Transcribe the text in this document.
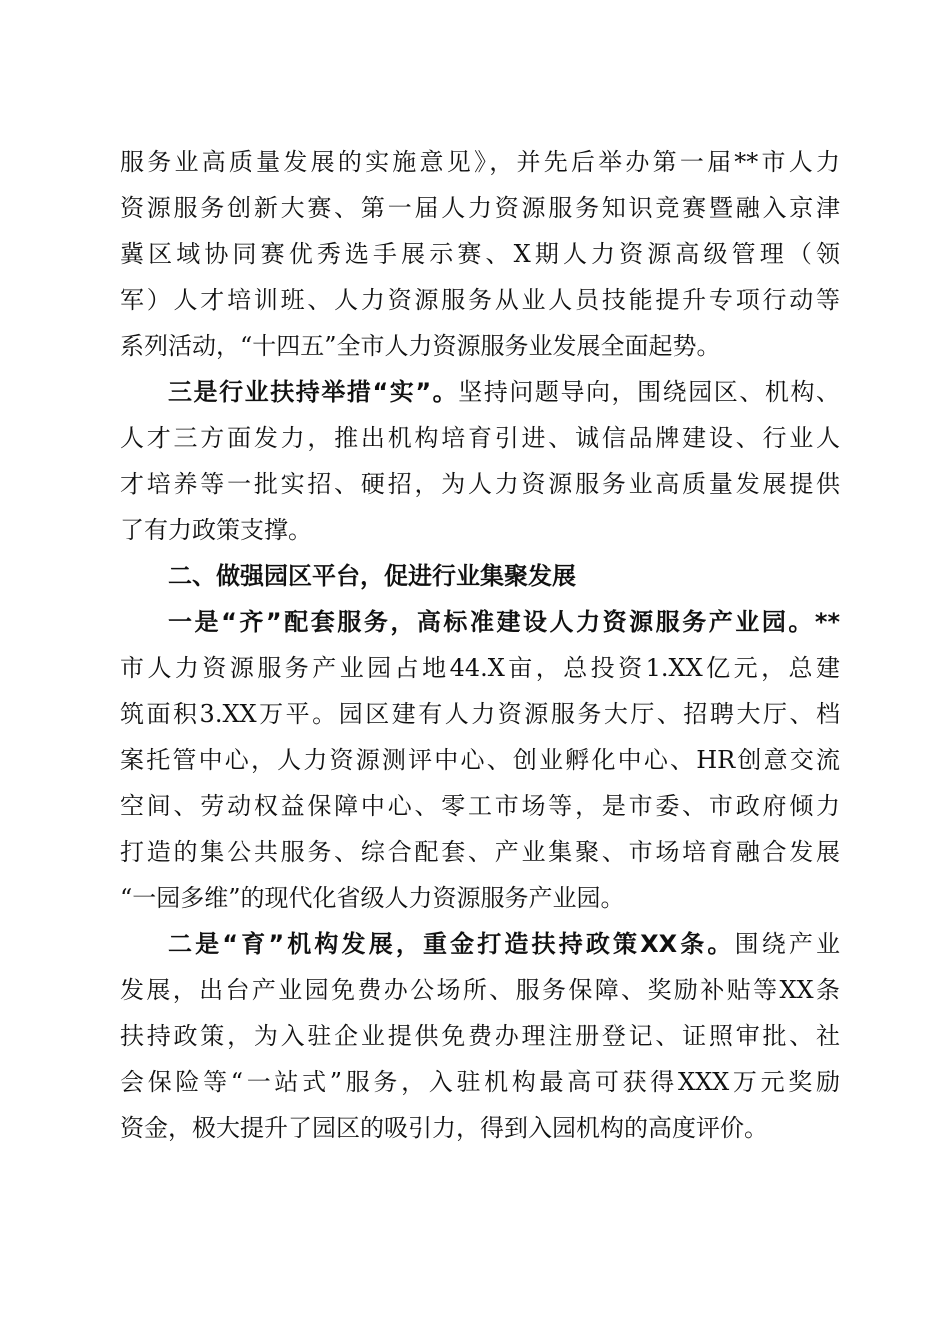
服务业高质量发展的实施意见》，并先后举办第一届**市人力
资源服务创新大赛、第一届人力资源服务知识竞赛暨融入京津
冀区域协同赛优秀选手展示赛、X期人力资源高级管理（领
军）人才培训班、人力资源服务从业人员技能提升专项行动等
系列活动，“十四五”全市人力资源服务业发展全面起势。
三是行业扶持举措“实”。坚持问题导向，围绕园区、机构、
人才三方面发力，推出机构培育引进、诚信品牌建设、行业人
才培养等一批实招、硬招，为人力资源服务业高质量发展提供
了有力政策支撑。
二、做强园区平台，促进行业集聚发展
一是“齐”配套服务，高标准建设人力资源服务产业园。**
市人力资源服务产业园占地44.X亩，总投资1.XX亿元，总建
筑面积3.XX万平。园区建有人力资源服务大厅、招聘大厅、档
案托管中心，人力资源测评中心、创业孵化中心、HR创意交流
空间、劳动权益保障中心、零工市场等，是市委、市政府倾力
打造的集公共服务、综合配套、产业集聚、市场培育融合发展
“一园多维”的现代化省级人力资源服务产业园。
二是“育”机构发展，重金打造扶持政策XX条。围绕产业
发展，出台产业园免费办公场所、服务保障、奖励补贴等XX条
扶持政策，为入驻企业提供免费办理注册登记、证照审批、社
会保险等“一站式”服务，入驻机构最高可获得XXX万元奖励
资金，极大提升了园区的吸引力，得到入园机构的高度评价。
